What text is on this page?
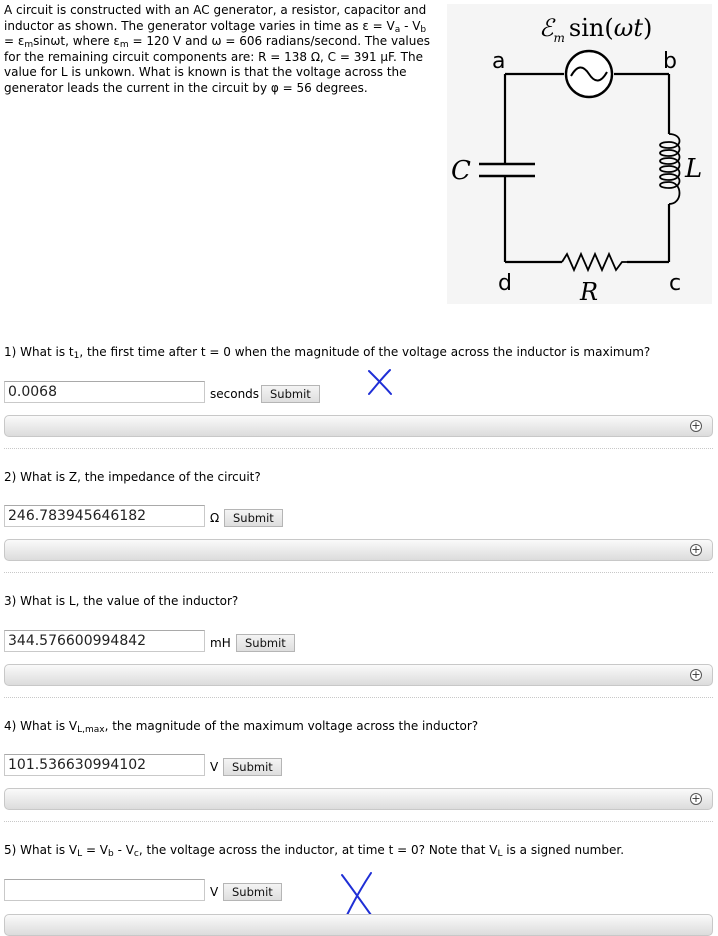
A circuit is constructed with an AC generator, a resistor, capacitor and inductor as shown. The generator voltage varies in time as $\varepsilon = V_a - V_b = \varepsilon_m\sin\omega t$, where $\varepsilon_m = 120$ V and ω = 606 radians/second. The values for the remaining circuit components are: R = 138 Ω, C = 391 μF. The value for L is unkown. What is known is that the voltage across the generator leads the current in the circuit by φ = 56 degrees.
ℰ$_m$ sin(ωt)
a	b
d	c
C	L
R
1) What is $t_1$, the first time after t = 0 when the magnitude of the voltage across the inductor is maximum?
0.0068
seconds Submit
+
2) What is Z, the impedance of the circuit?
246.783945646182
Ω	Submit
+
3) What is L, the value of the inductor?
344.576600994842
mH	Submit
+
4) What is $V_{L,max}$, the magnitude of the maximum voltage across the inductor?
101.536630994102
V	Submit
+
5) What is $V_L = V_b - V_c$, the voltage across the inductor, at time t = 0? Note that $V_L$ is a signed number.
V	Submit
